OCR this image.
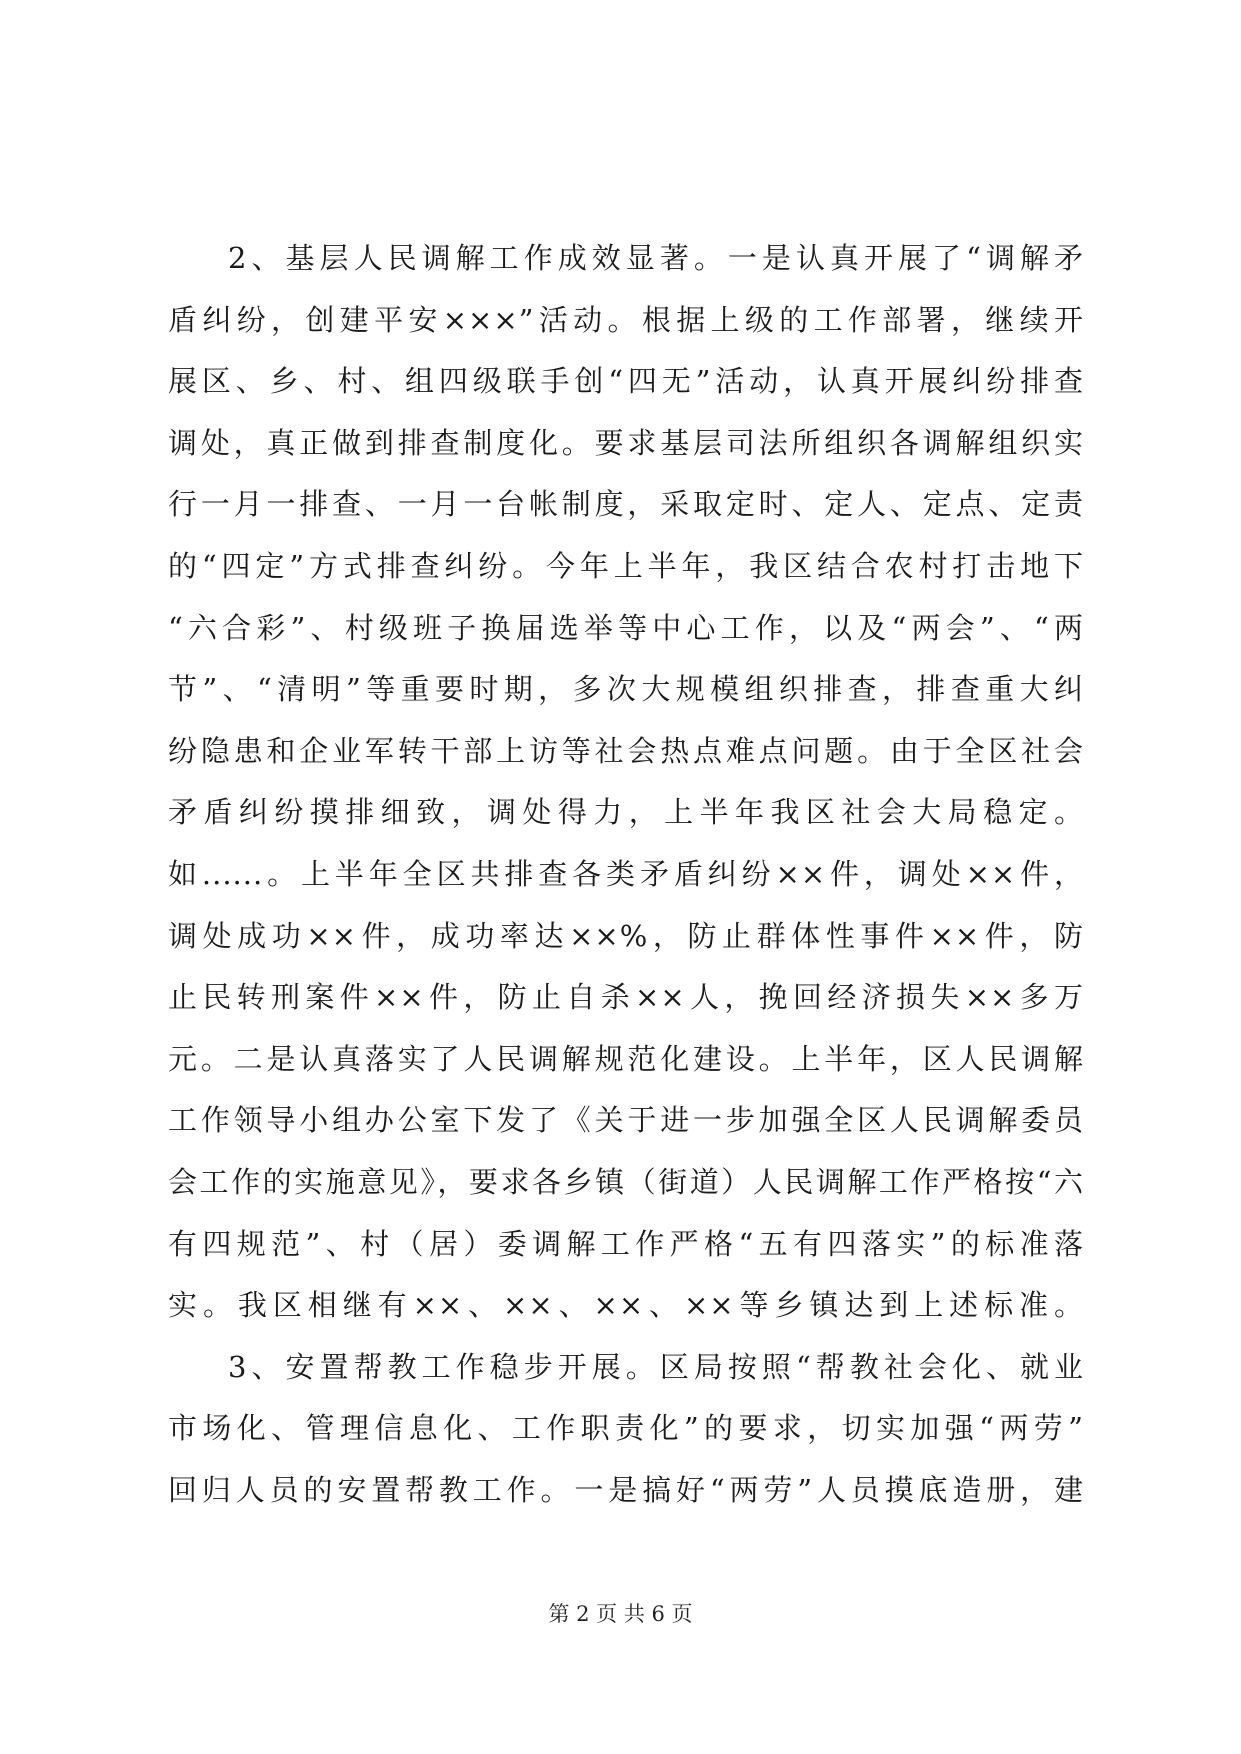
2、基层人民调解工作成效显著。一是认真开展了“调解矛
盾纠纷，创建平安×××”活动。根据上级的工作部署，继续开
展区、乡、村、组四级联手创“四无”活动，认真开展纠纷排查
调处，真正做到排查制度化。要求基层司法所组织各调解组织实
行一月一排查、一月一台帐制度，采取定时、定人、定点、定责
的“四定”方式排查纠纷。今年上半年，我区结合农村打击地下
“六合彩”、村级班子换届选举等中心工作，以及“两会”、“两
节”、“清明”等重要时期，多次大规模组织排查，排查重大纠
纷隐患和企业军转干部上访等社会热点难点问题。由于全区社会
矛盾纠纷摸排细致，调处得力，上半年我区社会大局稳定。
如......。上半年全区共排查各类矛盾纠纷××件，调处××件，
调处成功××件，成功率达××%，防止群体性事件××件，防
止民转刑案件××件，防止自杀××人，挽回经济损失××多万
元。二是认真落实了人民调解规范化建设。上半年，区人民调解
工作领导小组办公室下发了《关于进一步加强全区人民调解委员
会工作的实施意见》，要求各乡镇（街道）人民调解工作严格按“六
有四规范”、村（居）委调解工作严格“五有四落实”的标准落
实。我区相继有××、××、××、××等乡镇达到上述标准。
3、安置帮教工作稳步开展。区局按照“帮教社会化、就业
市场化、管理信息化、工作职责化”的要求，切实加强“两劳”
回归人员的安置帮教工作。一是搞好“两劳”人员摸底造册，建
第 2 页 共 6 页
